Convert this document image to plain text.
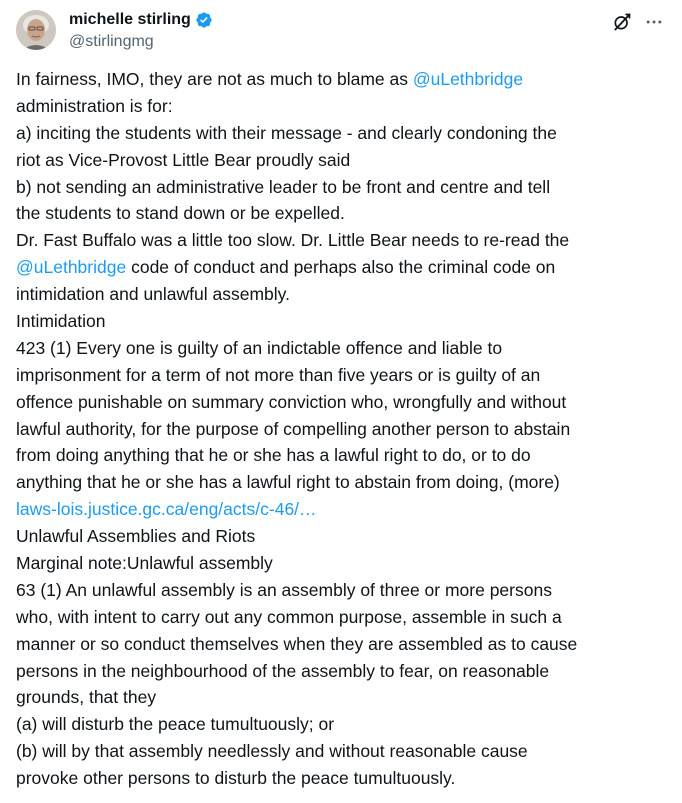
michelle stirling
@stirlingmg
In fairness, IMO, they are not as much to blame as @uLethbridge
administration is for:
a) inciting the students with their message - and clearly condoning the
riot as Vice-Provost Little Bear proudly said
b) not sending an administrative leader to be front and centre and tell
the students to stand down or be expelled.
Dr. Fast Buffalo was a little too slow. Dr. Little Bear needs to re-read the
@uLethbridge code of conduct and perhaps also the criminal code on
intimidation and unlawful assembly.
Intimidation
423 (1) Every one is guilty of an indictable offence and liable to
imprisonment for a term of not more than five years or is guilty of an
offence punishable on summary conviction who, wrongfully and without
lawful authority, for the purpose of compelling another person to abstain
from doing anything that he or she has a lawful right to do, or to do
anything that he or she has a lawful right to abstain from doing, (more)
laws-lois.justice.gc.ca/eng/acts/c-46/…
Unlawful Assemblies and Riots
Marginal note:Unlawful assembly
63 (1) An unlawful assembly is an assembly of three or more persons
who, with intent to carry out any common purpose, assemble in such a
manner or so conduct themselves when they are assembled as to cause
persons in the neighbourhood of the assembly to fear, on reasonable
grounds, that they
(a) will disturb the peace tumultuously; or
(b) will by that assembly needlessly and without reasonable cause
provoke other persons to disturb the peace tumultuously.
